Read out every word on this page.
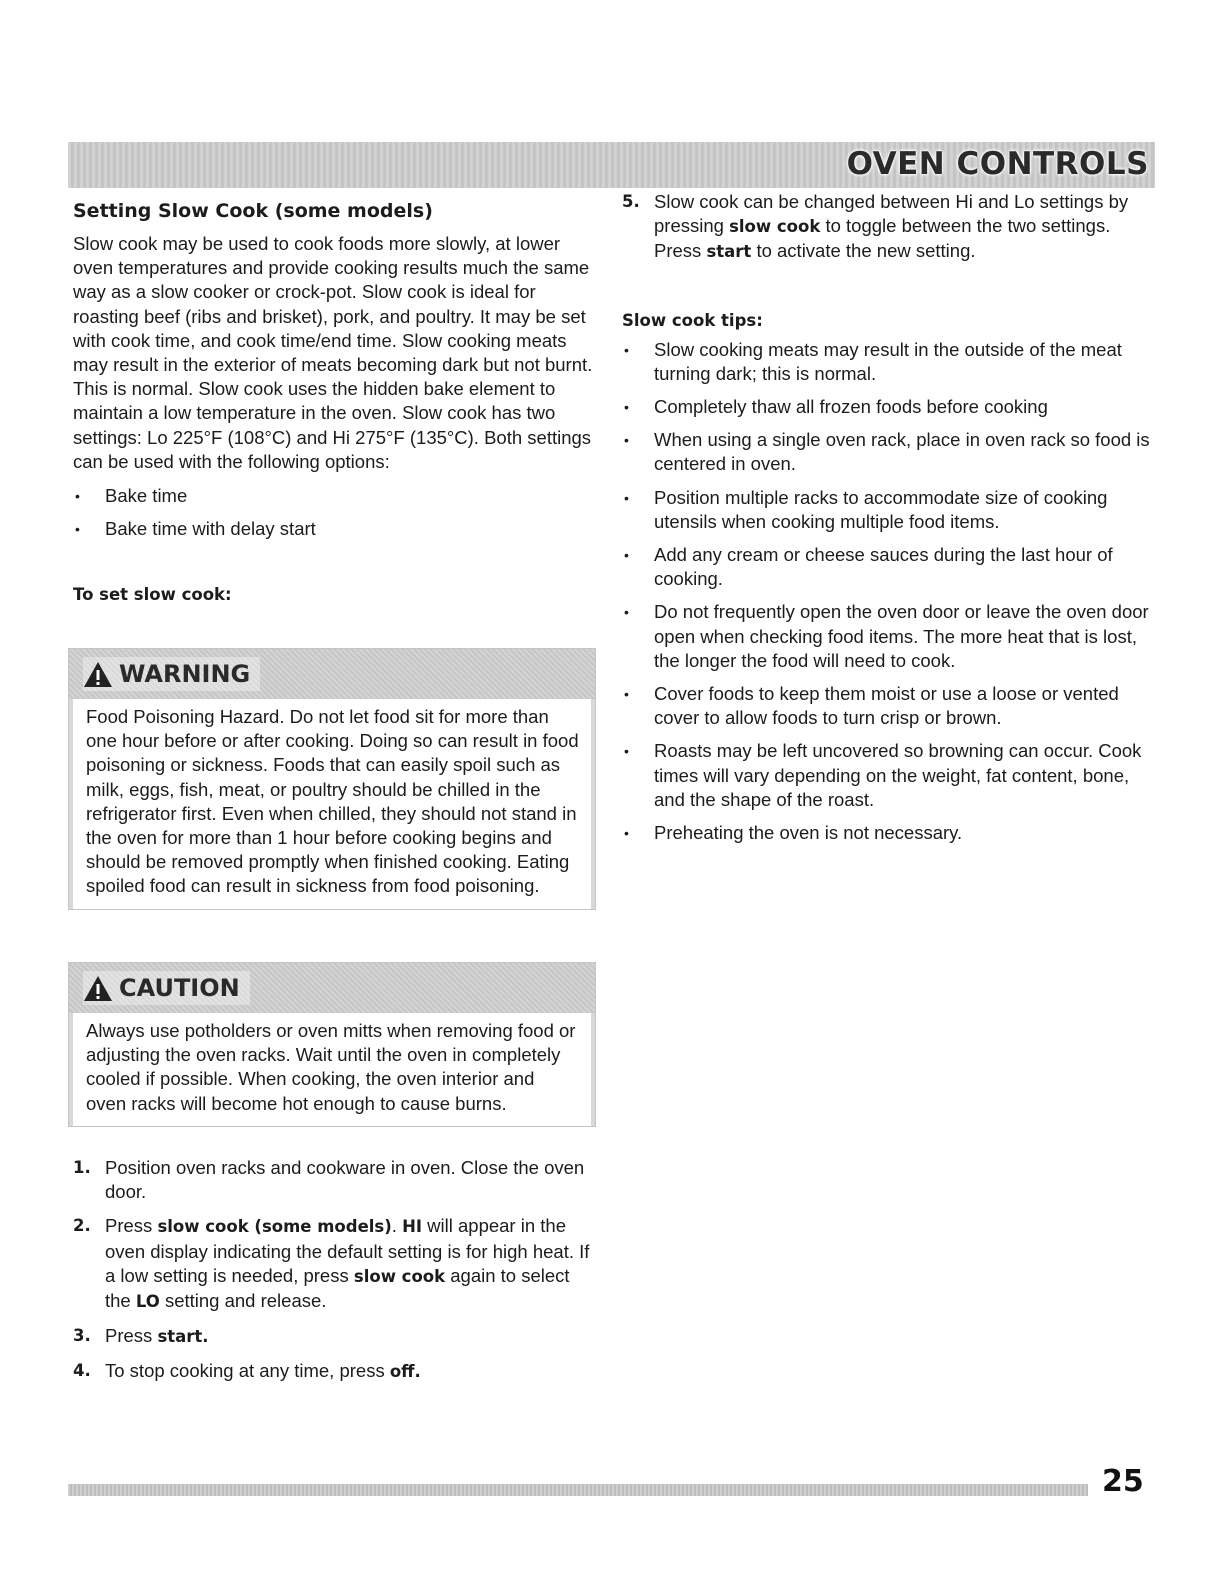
OVEN CONTROLS
Setting Slow Cook (some models)

Slow cook may be used to cook foods more slowly, at lower oven temperatures and provide cooking results much the same way as a slow cooker or crock-pot. Slow cook is ideal for roasting beef (ribs and brisket), pork, and poultry. It may be set with cook time, and cook time/end time. Slow cooking meats may result in the exterior of meats becoming dark but not burnt. This is normal. Slow cook uses the hidden bake element to maintain a low temperature in the oven. Slow cook has two settings: Lo 225°F (108°C) and Hi 275°F (135°C). Both settings can be used with the following options:

• Bake time
• Bake time with delay start
To set slow cook:
WARNING
Food Poisoning Hazard. Do not let food sit for more than one hour before or after cooking. Doing so can result in food poisoning or sickness. Foods that can easily spoil such as milk, eggs, fish, meat, or poultry should be chilled in the refrigerator first. Even when chilled, they should not stand in the oven for more than 1 hour before cooking begins and should be removed promptly when finished cooking. Eating spoiled food can result in sickness from food poisoning.
CAUTION
Always use potholders or oven mitts when removing food or adjusting the oven racks. Wait until the oven in completely cooled if possible. When cooking, the oven interior and oven racks will become hot enough to cause burns.
1. Position oven racks and cookware in oven. Close the oven door.
2. Press slow cook (some models). HI will appear in the oven display indicating the default setting is for high heat. If a low setting is needed, press slow cook again to select the LO setting and release.
3. Press start.
4. To stop cooking at any time, press off.
5. Slow cook can be changed between Hi and Lo settings by pressing slow cook to toggle between the two settings. Press start to activate the new setting.
Slow cook tips:
• Slow cooking meats may result in the outside of the meat turning dark; this is normal.
• Completely thaw all frozen foods before cooking
• When using a single oven rack, place in oven rack so food is centered in oven.
• Position multiple racks to accommodate size of cooking utensils when cooking multiple food items.
• Add any cream or cheese sauces during the last hour of cooking.
• Do not frequently open the oven door or leave the oven door open when checking food items. The more heat that is lost, the longer the food will need to cook.
• Cover foods to keep them moist or use a loose or vented cover to allow foods to turn crisp or brown.
• Roasts may be left uncovered so browning can occur. Cook times will vary depending on the weight, fat content, bone, and the shape of the roast.
• Preheating the oven is not necessary.
25
